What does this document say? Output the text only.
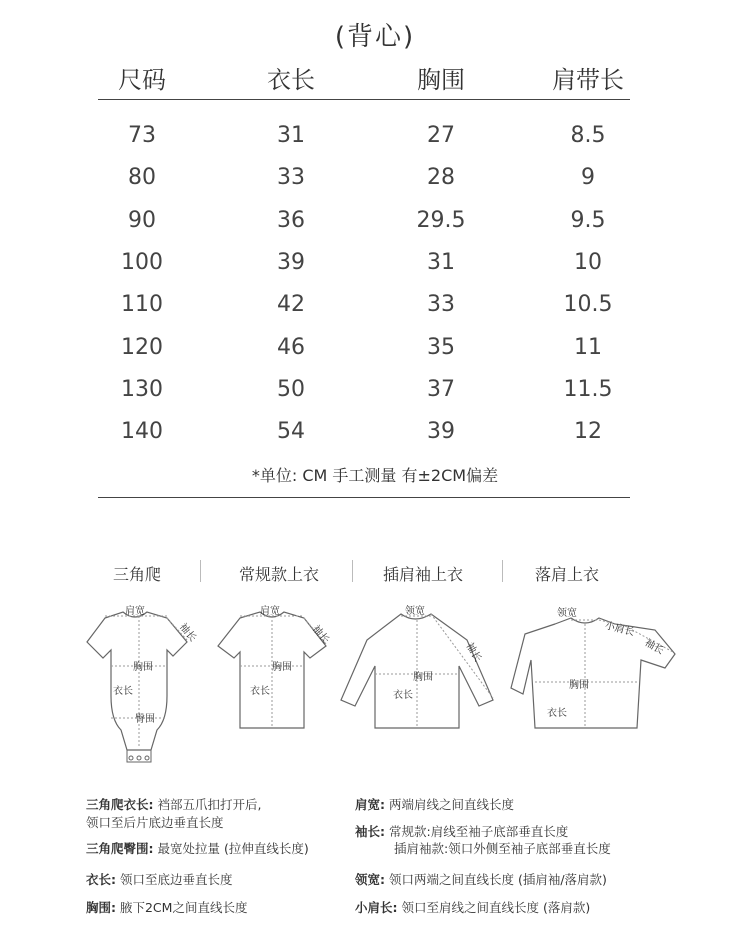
(背心)
尺码	衣长	胸围	肩带长
73	31	27	8.5
80	33	28	9
90	36	29.5	9.5
100	39	31	10
110	42	33	10.5
120	46	35	11
130	50	37	11.5
140	54	39	12
*单位: CM 手工测量 有±2CM偏差
三角爬	常规款上衣	插肩袖上衣	落肩上衣
肩宽
袖长
胸围
衣长
臀围
肩宽
袖长
胸围
衣长
领宽
袖长
胸围
衣长
领宽
小肩长
袖长
胸围
衣长
三角爬衣长: 裆部五爪扣打开后,
领口至后片底边垂直长度
三角爬臀围: 最宽处拉量 (拉伸直线长度)
衣长: 领口至底边垂直长度
胸围: 腋下2CM之间直线长度
肩宽: 两端肩线之间直线长度
袖长: 常规款:肩线至袖子底部垂直长度
插肩袖款:领口外侧至袖子底部垂直长度
领宽: 领口两端之间直线长度 (插肩袖/落肩款)
小肩长: 领口至肩线之间直线长度 (落肩款)
